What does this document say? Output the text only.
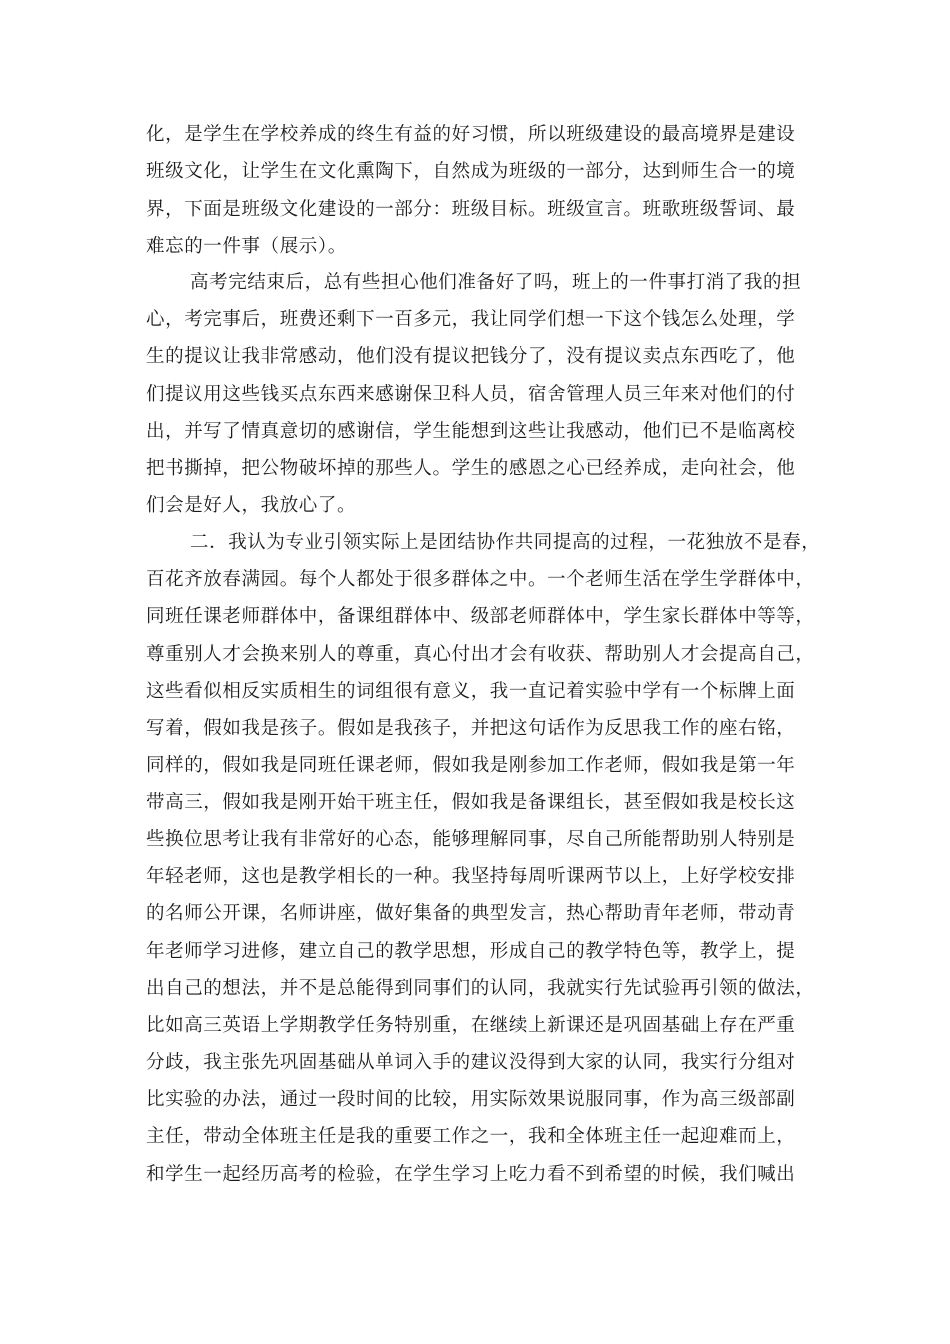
化，是学生在学校养成的终生有益的好习惯，所以班级建设的最高境界是建设
班级文化，让学生在文化熏陶下，自然成为班级的一部分，达到师生合一的境
界，下面是班级文化建设的一部分：班级目标。班级宣言。班歌班级誓词、最
难忘的一件事（展示）。
高考完结束后，总有些担心他们准备好了吗，班上的一件事打消了我的担
心，考完事后，班费还剩下一百多元，我让同学们想一下这个钱怎么处理，学
生的提议让我非常感动，他们没有提议把钱分了，没有提议卖点东西吃了，他
们提议用这些钱买点东西来感谢保卫科人员，宿舍管理人员三年来对他们的付
出，并写了情真意切的感谢信，学生能想到这些让我感动，他们已不是临离校
把书撕掉，把公物破坏掉的那些人。学生的感恩之心已经养成，走向社会，他
们会是好人，我放心了。
二．我认为专业引领实际上是团结协作共同提高的过程，一花独放不是春，
百花齐放春满园。每个人都处于很多群体之中。一个老师生活在学生学群体中，
同班任课老师群体中，备课组群体中、级部老师群体中，学生家长群体中等等，
尊重别人才会换来别人的尊重，真心付出才会有收获、帮助别人才会提高自己，
这些看似相反实质相生的词组很有意义，我一直记着实验中学有一个标牌上面
写着，假如我是孩子。假如是我孩子，并把这句话作为反思我工作的座右铭，
同样的，假如我是同班任课老师，假如我是刚参加工作老师，假如我是第一年
带高三，假如我是刚开始干班主任，假如我是备课组长，甚至假如我是校长这
些换位思考让我有非常好的心态，能够理解同事，尽自己所能帮助别人特别是
年轻老师，这也是教学相长的一种。我坚持每周听课两节以上，上好学校安排
的名师公开课，名师讲座，做好集备的典型发言，热心帮助青年老师，带动青
年老师学习进修，建立自己的教学思想，形成自己的教学特色等，教学上，提
出自己的想法，并不是总能得到同事们的认同，我就实行先试验再引领的做法，
比如高三英语上学期教学任务特别重，在继续上新课还是巩固基础上存在严重
分歧，我主张先巩固基础从单词入手的建议没得到大家的认同，我实行分组对
比实验的办法，通过一段时间的比较，用实际效果说服同事，作为高三级部副
主任，带动全体班主任是我的重要工作之一，我和全体班主任一起迎难而上，
和学生一起经历高考的检验，在学生学习上吃力看不到希望的时候，我们喊出
